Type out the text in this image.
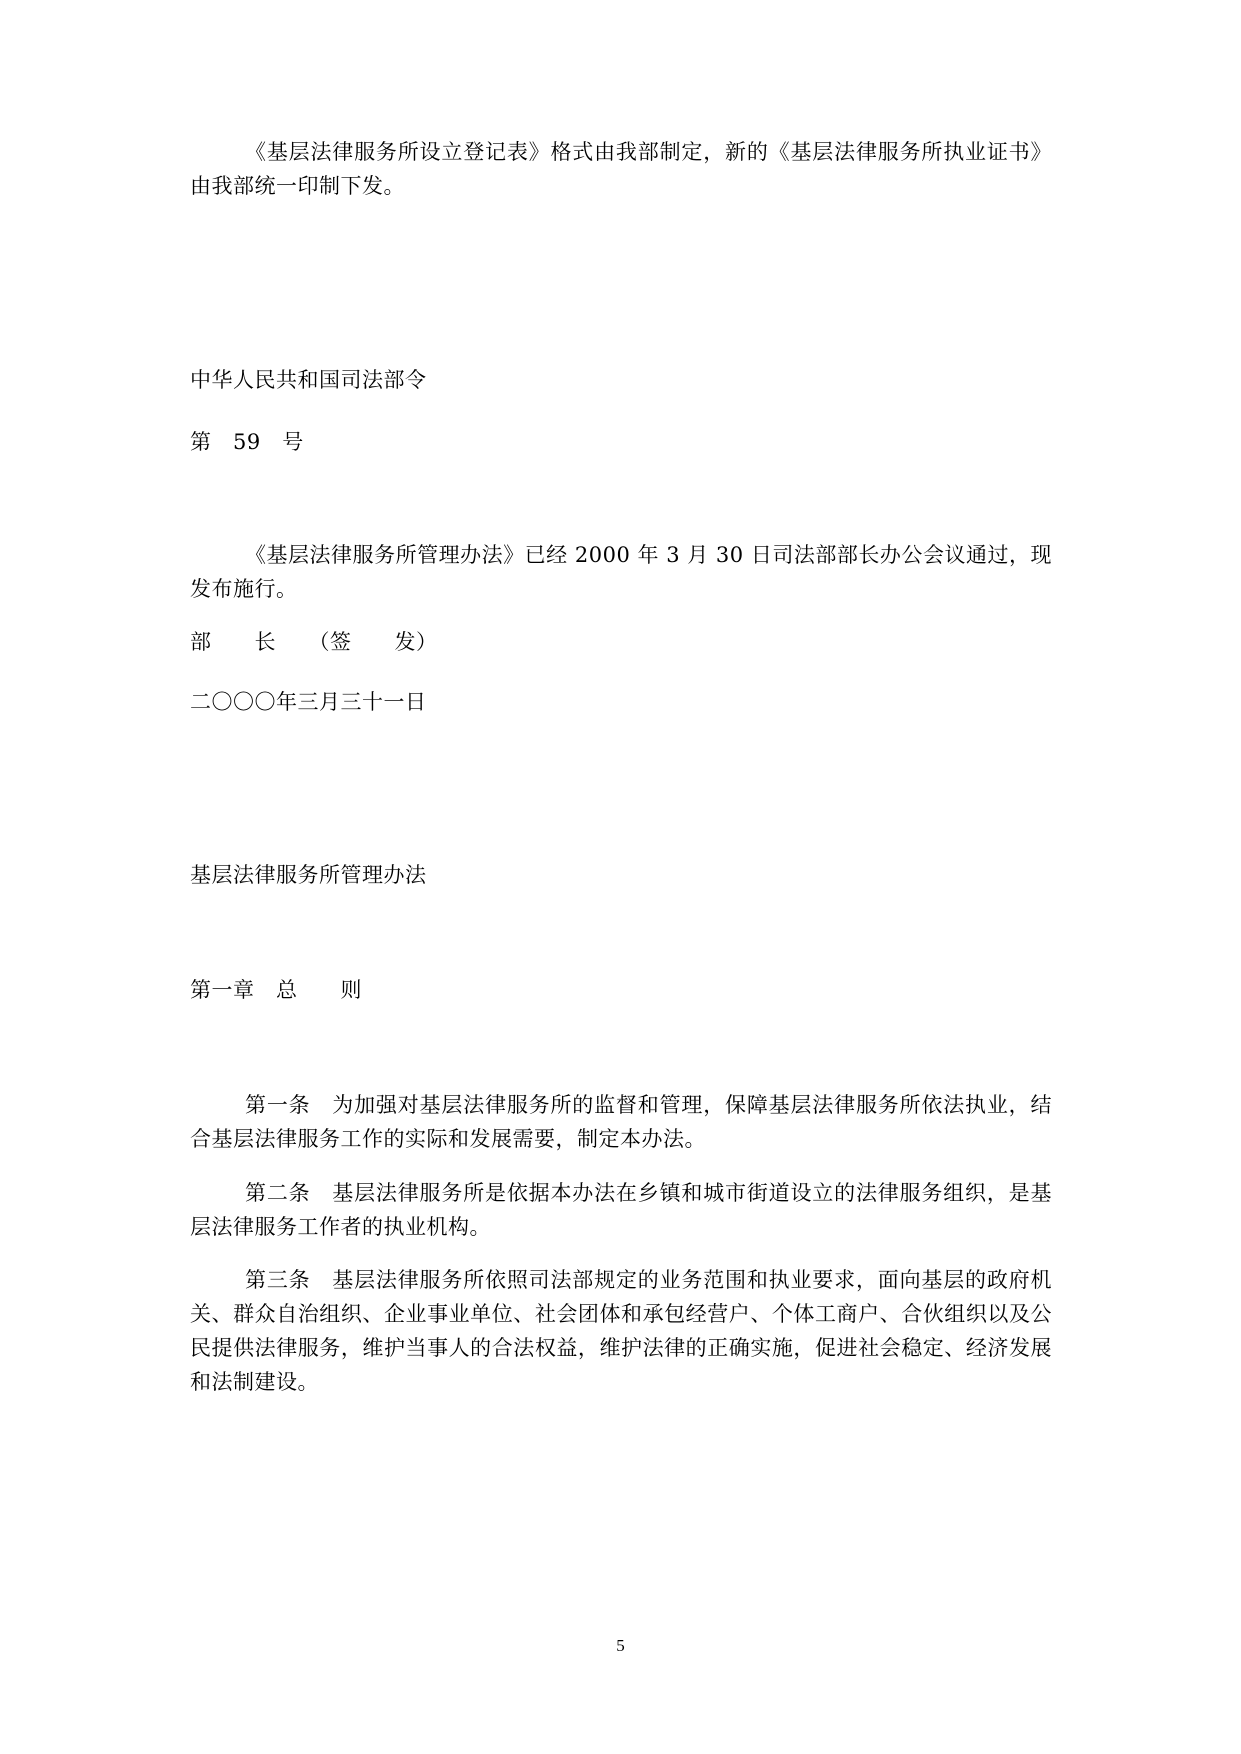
《基层法律服务所设立登记表》格式由我部制定，新的《基层法律服务所执业证书》由我部统一印制下发。

中华人民共和国司法部令

第　59　号

《基层法律服务所管理办法》已经 2000 年 3 月 30 日司法部部长办公会议通过，现发布施行。

部　　长　　（签　　发）

二〇〇〇年三月三十一日

基层法律服务所管理办法

第一章　总　　则

第一条　为加强对基层法律服务所的监督和管理，保障基层法律服务所依法执业，结合基层法律服务工作的实际和发展需要，制定本办法。

第二条　基层法律服务所是依据本办法在乡镇和城市街道设立的法律服务组织，是基层法律服务工作者的执业机构。

第三条　基层法律服务所依照司法部规定的业务范围和执业要求，面向基层的政府机关、群众自治组织、企业事业单位、社会团体和承包经营户、个体工商户、合伙组织以及公民提供法律服务，维护当事人的合法权益，维护法律的正确实施，促进社会稳定、经济发展和法制建设。

5
